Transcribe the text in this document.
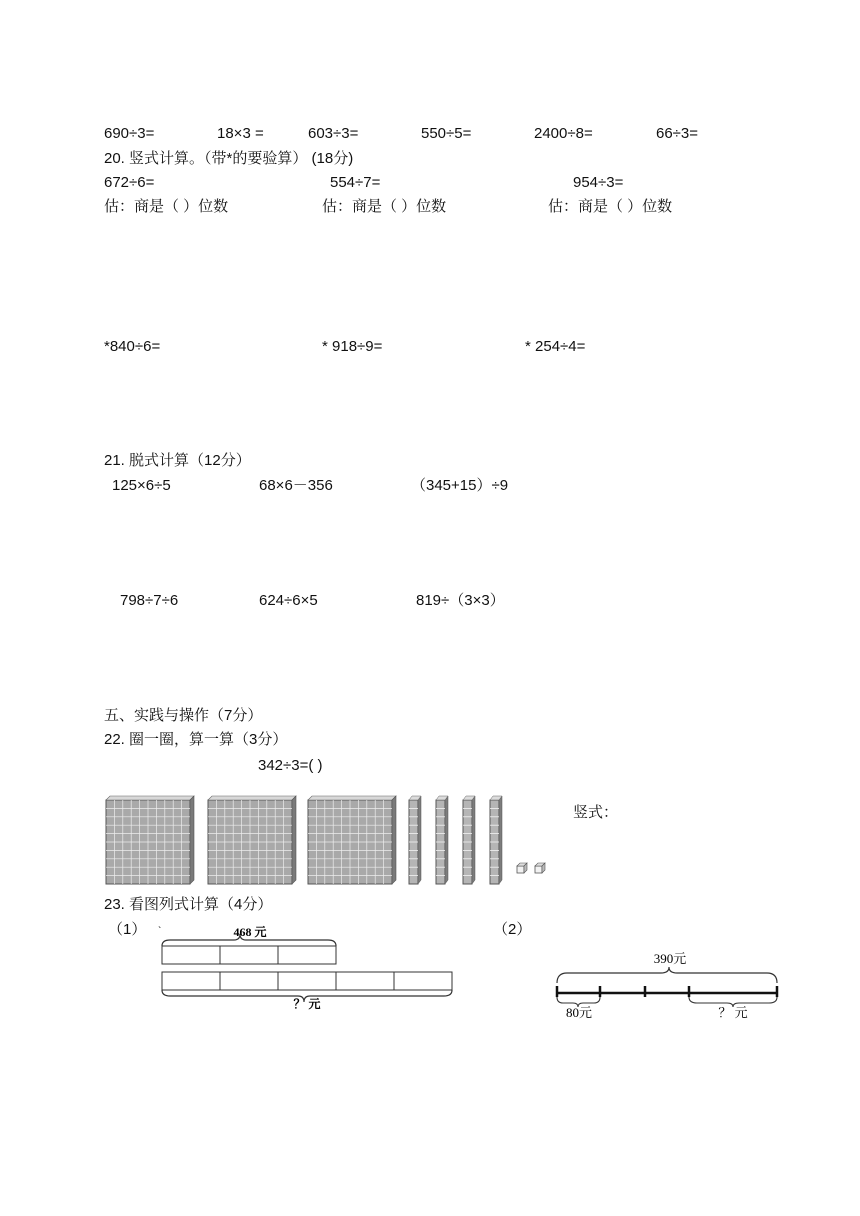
690÷3=	18×3 =	603÷3=	550÷5=	2400÷8=	66÷3=
20. 竖式计算。（带*的要验算） (18分)
672÷6=	554÷7=	954÷3=
估：商是（ ）位数	估：商是（ ）位数	估：商是（ ）位数
*840÷6=	* 918÷9=	* 254÷4=
21. 脱式计算（12分）
125×6÷5	68×6－356	（345+15）÷9
798÷7÷6	624÷6×5	819÷（3×3）
五、实践与操作（7分）
22. 圈一圈，算一算（3分）
342÷3=( )
竖式：
23. 看图列式计算（4分）
（1）	（2）
468 元
？ 元
`
390元
80元	？ 元
